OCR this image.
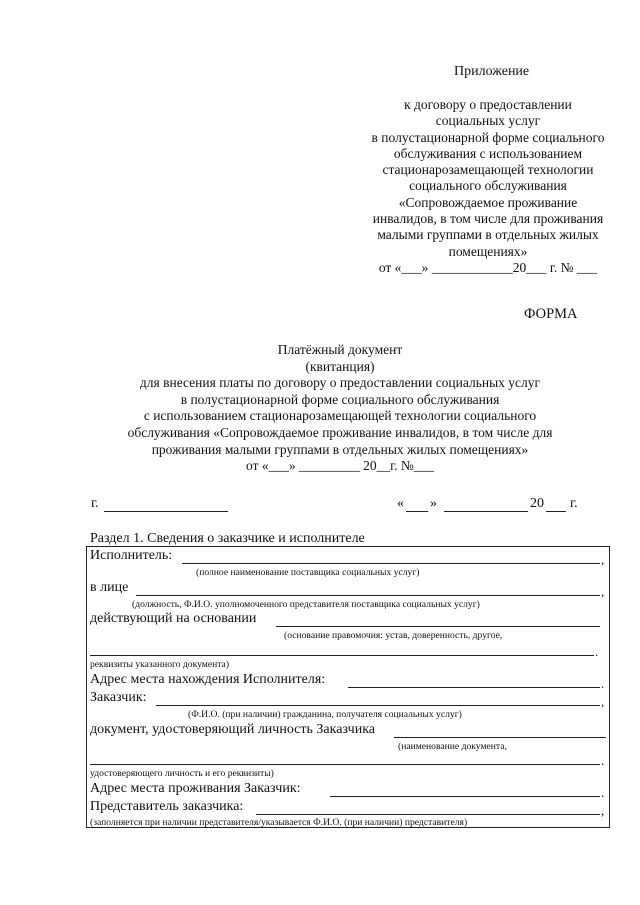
Приложение
к договору о предоставлении
социальных услуг
в полустационарной форме социального
обслуживания с использованием
стационарозамещающей технологии
социального обслуживания
«Сопровождаемое проживание
инвалидов, в том числе для проживания
малыми группами в отдельных жилых
помещениях»
от «___» ____________20___ г. № ___
ФОРМА
Платёжный документ
(квитанция)
для внесения платы по договору о предоставлении социальных услуг
в полустационарной форме социального обслуживания
с использованием стационарозамещающей технологии социального
обслуживания «Сопровождаемое проживание инвалидов, в том числе для
проживания малыми группами в отдельных жилых помещениях»
от «___» _________ 20__г. №___
г.	« »	20 г.
Раздел 1. Сведения о заказчике и исполнителе
Исполнитель:	,
(полное наименование поставщика социальных услуг)
в лице	,
(должность, Ф.И.О. уполномоченного представителя поставщика социальных услуг)
действующий на основании
(основание правомочия: устав, доверенность, другое,
.
реквизиты указанного документа)
Адрес места нахождения Исполнителя:	.
Заказчик:	,
(Ф.И.О. (при наличии) гражданина, получателя социальных услуг)
документ, удостоверяющий личность Заказчика
(наименование документа,
.
удостоверяющего личность и его реквизиты)
Адрес места проживания Заказчик:	.
Представитель заказчика:	,
(заполняется при наличии представителя/указывается Ф.И.О. (при наличии) представителя)
